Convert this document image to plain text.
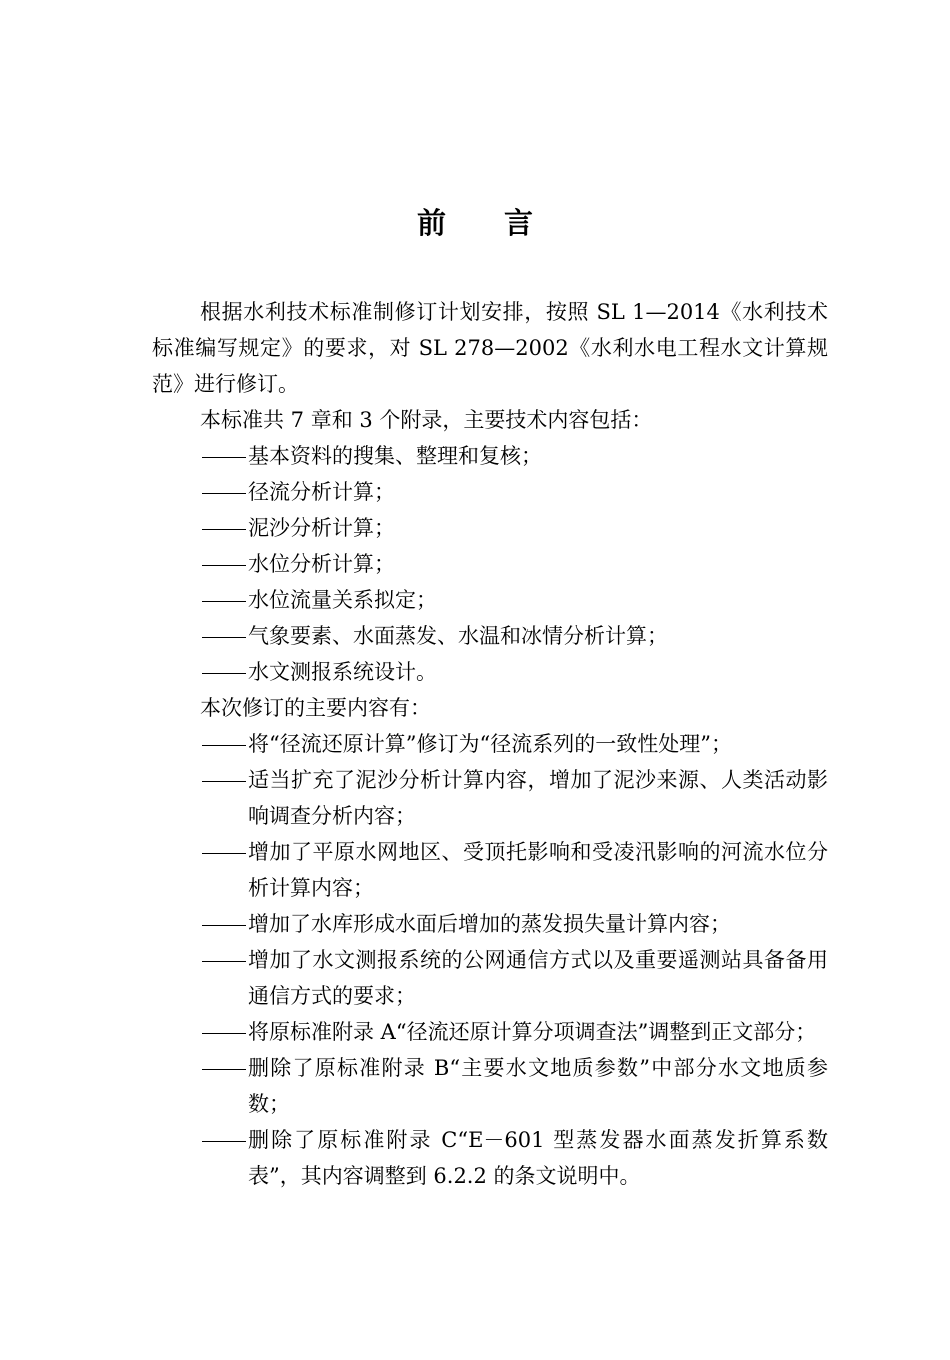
前 言

根据水利技术标准制修订计划安排，按照 SL 1—2014《水利技术标准编写规定》的要求，对 SL 278—2002《水利水电工程水文计算规范》进行修订。

本标准共 7 章和 3 个附录，主要技术内容包括：

基本资料的搜集、整理和复核；

径流分析计算；

泥沙分析计算；

水位分析计算；

水位流量关系拟定；

气象要素、水面蒸发、水温和冰情分析计算；

水文测报系统设计。

本次修订的主要内容有：

将“径流还原计算”修订为“径流系列的一致性处理”；

适当扩充了泥沙分析计算内容，增加了泥沙来源、人类活动影响调查分析内容；

增加了平原水网地区、受顶托影响和受凌汛影响的河流水位分析计算内容；

增加了水库形成水面后增加的蒸发损失量计算内容；

增加了水文测报系统的公网通信方式以及重要遥测站具备备用通信方式的要求；

将原标准附录 A“径流还原计算分项调查法”调整到正文部分；

删除了原标准附录 B“主要水文地质参数”中部分水文地质参数；

删除了原标准附录 C“E－601 型蒸发器水面蒸发折算系数表”，其内容调整到 6.2.2 的条文说明中。
